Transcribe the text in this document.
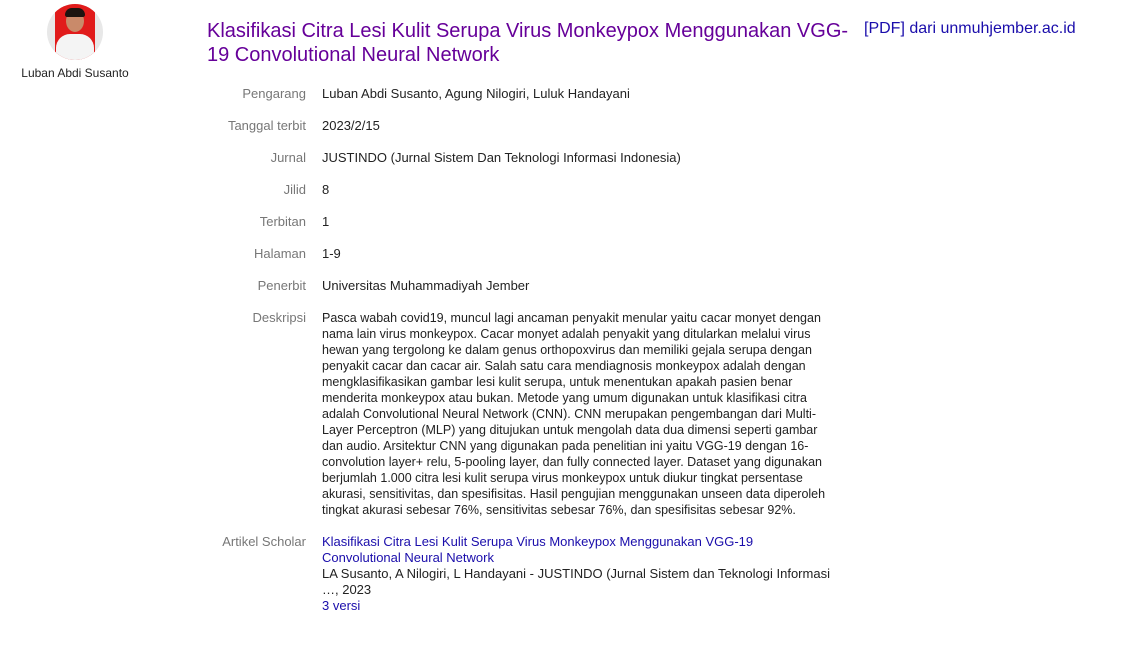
Luban Abdi Susanto
Klasifikasi Citra Lesi Kulit Serupa Virus Monkeypox Menggunakan VGG-19 Convolutional Neural Network
[PDF] dari unmuhjember.ac.id
Pengarang Luban Abdi Susanto, Agung Nilogiri, Luluk Handayani
Tanggal terbit 2023/2/15
Jurnal JUSTINDO (Jurnal Sistem Dan Teknologi Informasi Indonesia)
Jilid 8
Terbitan 1
Halaman 1-9
Penerbit Universitas Muhammadiyah Jember
Deskripsi Pasca wabah covid19, muncul lagi ancaman penyakit menular yaitu cacar monyet dengan nama lain virus monkeypox. Cacar monyet adalah penyakit yang ditularkan melalui virus hewan yang tergolong ke dalam genus orthopoxvirus dan memiliki gejala serupa dengan penyakit cacar dan cacar air. Salah satu cara mendiagnosis monkeypox adalah dengan mengklasifikasikan gambar lesi kulit serupa, untuk menentukan apakah pasien benar menderita monkeypox atau bukan. Metode yang umum digunakan untuk klasifikasi citra adalah Convolutional Neural Network (CNN). CNN merupakan pengembangan dari Multi-Layer Perceptron (MLP) yang ditujukan untuk mengolah data dua dimensi seperti gambar dan audio. Arsitektur CNN yang digunakan pada penelitian ini yaitu VGG-19 dengan 16-convolution layer+ relu, 5-pooling layer, dan fully connected layer. Dataset yang digunakan berjumlah 1.000 citra lesi kulit serupa virus monkeypox untuk diukur tingkat persentase akurasi, sensitivitas, dan spesifisitas. Hasil pengujian menggunakan unseen data diperoleh tingkat akurasi sebesar 76%, sensitivitas sebesar 76%, dan spesifisitas sebesar 92%.
Artikel Scholar Klasifikasi Citra Lesi Kulit Serupa Virus Monkeypox Menggunakan VGG-19 Convolutional Neural Network
LA Susanto, A Nilogiri, L Handayani - JUSTINDO (Jurnal Sistem dan Teknologi Informasi …, 2023
3 versi
